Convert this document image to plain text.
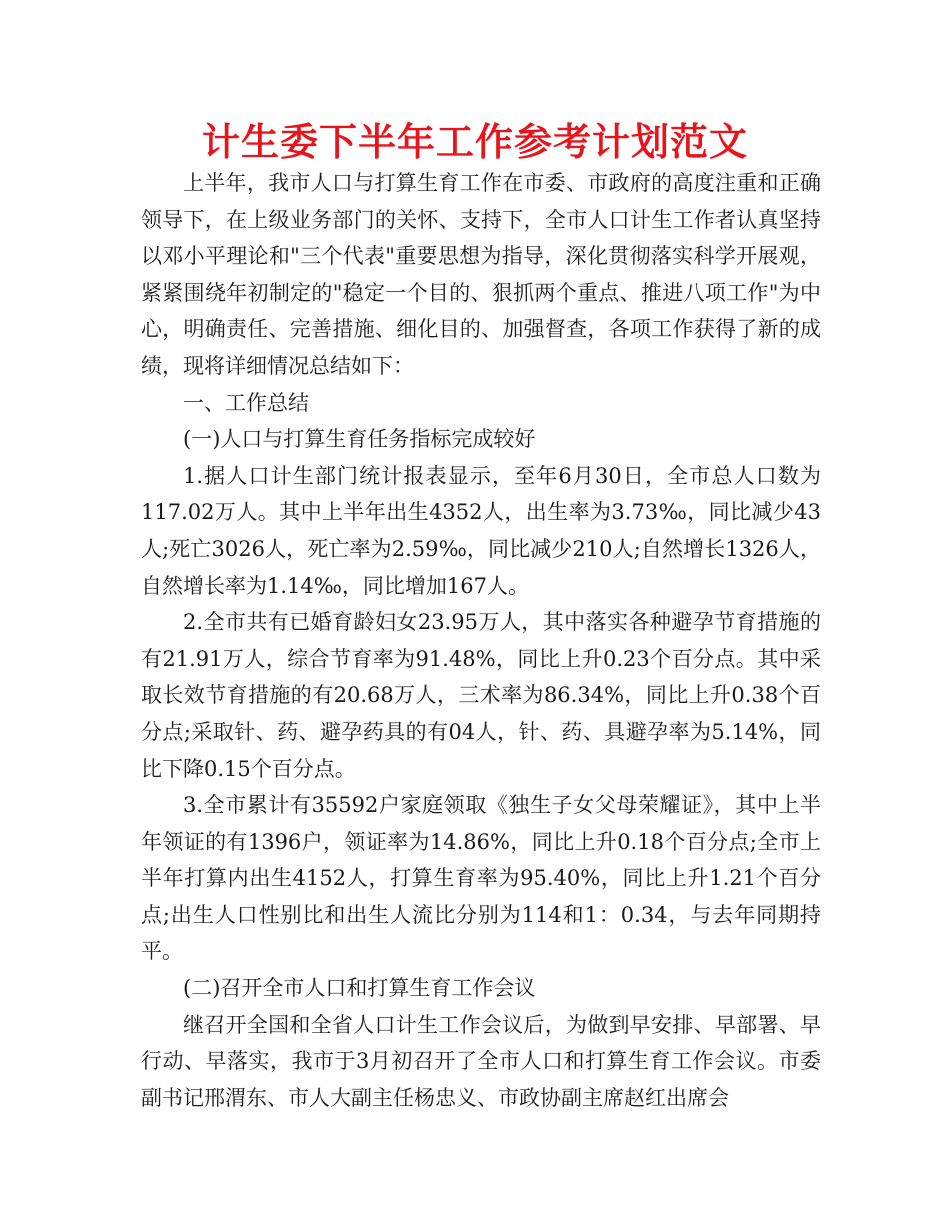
计生委下半年工作参考计划范文

上半年，我市人口与打算生育工作在市委、市政府的高度注重和正确领导下，在上级业务部门的关怀、支持下，全市人口计生工作者认真坚持以邓小平理论和"三个代表"重要思想为指导，深化贯彻落实科学开展观，紧紧围绕年初制定的"稳定一个目的、狠抓两个重点、推进八项工作"为中心，明确责任、完善措施、细化目的、加强督查，各项工作获得了新的成绩，现将详细情况总结如下：

一、工作总结

(一)人口与打算生育任务指标完成较好

1.据人口计生部门统计报表显示，至年6月30日，全市总人口数为117.02万人。其中上半年出生4352人，出生率为3.73‰，同比减少43人;死亡3026人，死亡率为2.59‰，同比减少210人;自然增长1326人，自然增长率为1.14‰，同比增加167人。

2.全市共有已婚育龄妇女23.95万人，其中落实各种避孕节育措施的有21.91万人，综合节育率为91.48%，同比上升0.23个百分点。其中采取长效节育措施的有20.68万人，三术率为86.34%，同比上升0.38个百分点;采取针、药、避孕药具的有04人，针、药、具避孕率为5.14%，同比下降0.15个百分点。

3.全市累计有35592户家庭领取《独生子女父母荣耀证》，其中上半年领证的有1396户，领证率为14.86%，同比上升0.18个百分点;全市上半年打算内出生4152人，打算生育率为95.40%，同比上升1.21个百分点;出生人口性别比和出生人流比分别为114和1：0.34，与去年同期持平。

(二)召开全市人口和打算生育工作会议

继召开全国和全省人口计生工作会议后，为做到早安排、早部署、早行动、早落实，我市于3月初召开了全市人口和打算生育工作会议。市委副书记邢渭东、市人大副主任杨忠义、市政协副主席赵红出席会
